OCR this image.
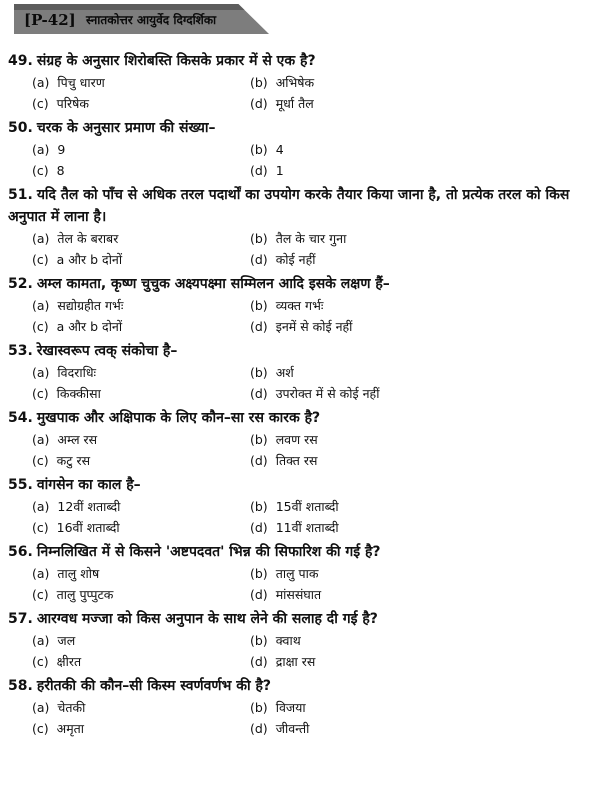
[P-42] स्नातकोत्तर आयुर्वेद दिग्दर्शिका
49. संग्रह के अनुसार शिरोबस्ति किसके प्रकार में से एक है?
(a) पिचु धारण	(b) अभिषेक
(c) परिषेक	(d) मूर्धा तैल
50. चरक के अनुसार प्रमाण की संख्या–
(a) 9	(b) 4
(c) 8	(d) 1
51. यदि तैल को पाँच से अधिक तरल पदार्थों का उपयोग करके तैयार किया जाना है, तो प्रत्येक तरल को किस अनुपात में लाना है।
(a) तेल के बराबर	(b) तैल के चार गुना
(c) a और b दोनों	(d) कोई नहीं
52. अम्ल कामता, कृष्ण चुचुक अक्ष्यपक्ष्मा सम्मिलन आदि इसके लक्षण हैं–
(a) सद्योग्रहीत गर्भः	(b) व्यक्त गर्भः
(c) a और b दोनों	(d) इनमें से कोई नहीं
53. रेखास्वरूप त्वक् संकोचा है–
(a) विदराधिः	(b) अर्श
(c) किक्कीसा	(d) उपरोक्त में से कोई नहीं
54. मुखपाक और अक्षिपाक के लिए कौन–सा रस कारक है?
(a) अम्ल रस	(b) लवण रस
(c) कटु रस	(d) तिक्त रस
55. वांगसेन का काल है–
(a) 12वीं शताब्दी	(b) 15वीं शताब्दी
(c) 16वीं शताब्दी	(d) 11वीं शताब्दी
56. निम्नलिखित में से किसने 'अष्टपदवत' भिन्न की सिफारिश की गई है?
(a) तालु शोष	(b) तालु पाक
(c) तालु पुप्पुटक	(d) मांससंघात
57. आरग्वध मज्जा को किस अनुपान के साथ लेने की सलाह दी गई है?
(a) जल	(b) क्वाथ
(c) क्षीरत	(d) द्राक्षा रस
58. हरीतकी की कौन–सी किस्म स्वर्णवर्णभ की है?
(a) चेतकी	(b) विजया
(c) अमृता	(d) जीवन्ती
